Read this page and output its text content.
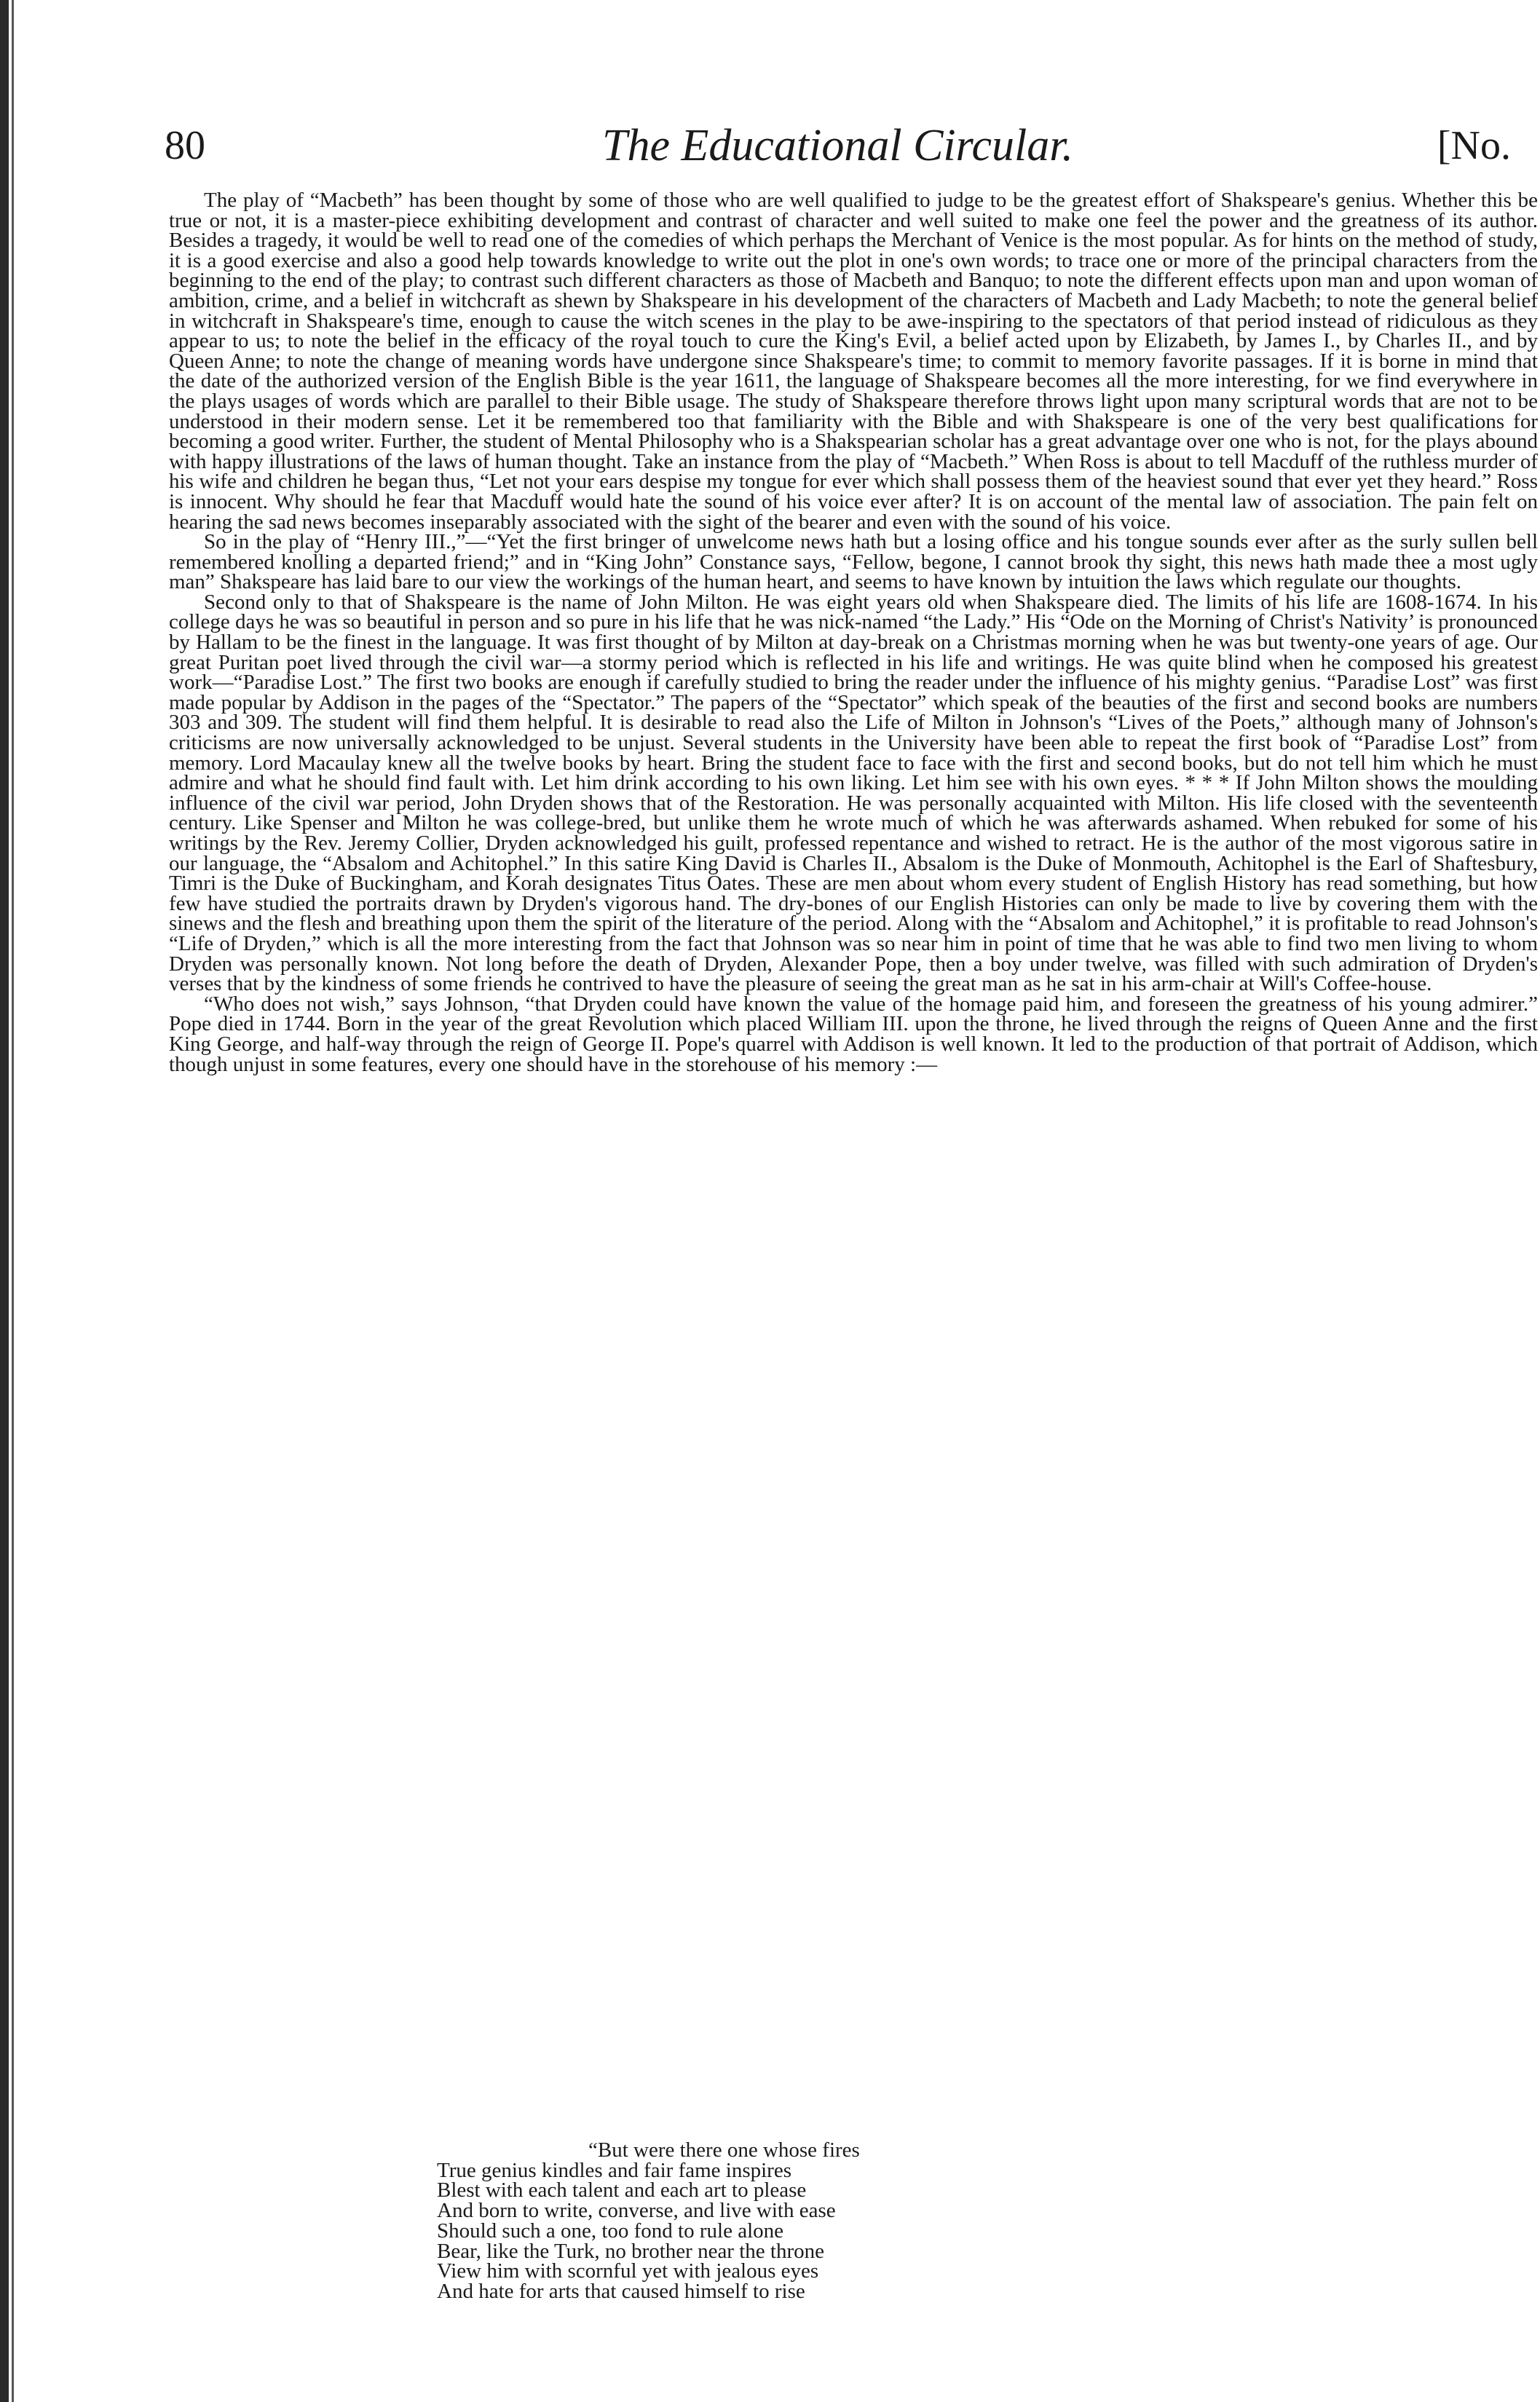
80	The Educational Circular.	[No.

The play of “Macbeth” has been thought by some of those who are well qualified to judge to be the greatest effort of Shakspeare's genius. Whether this be true or not, it is a master-piece exhibiting development and contrast of character and well suited to make one feel the power and the greatness of its author. Besides a tragedy, it would be well to read one of the comedies of which perhaps the Merchant of Venice is the most popular. As for hints on the method of study, it is a good exercise and also a good help towards knowledge to write out the plot in one's own words; to trace one or more of the principal characters from the beginning to the end of the play; to contrast such different characters as those of Macbeth and Banquo; to note the different effects upon man and upon woman of ambition, crime, and a belief in witchcraft as shewn by Shakspeare in his development of the characters of Macbeth and Lady Macbeth; to note the general belief in witchcraft in Shakspeare's time, enough to cause the witch scenes in the play to be awe-inspiring to the spectators of that period instead of ridiculous as they appear to us; to note the belief in the efficacy of the royal touch to cure the King's Evil, a belief acted upon by Elizabeth, by James I., by Charles II., and by Queen Anne; to note the change of meaning words have undergone since Shakspeare's time; to commit to memory favorite passages. If it is borne in mind that the date of the authorized version of the English Bible is the year 1611, the language of Shakspeare becomes all the more interesting, for we find everywhere in the plays usages of words which are parallel to their Bible usage. The study of Shakspeare therefore throws light upon many scriptural words that are not to be understood in their modern sense. Let it be remembered too that familiarity with the Bible and with Shakspeare is one of the very best qualifications for becoming a good writer. Further, the student of Mental Philosophy who is a Shakspearian scholar has a great advantage over one who is not, for the plays abound with happy illustrations of the laws of human thought. Take an instance from the play of “Macbeth.” When Ross is about to tell Macduff of the ruthless murder of his wife and children he began thus, “Let not your ears despise my tongue for ever which shall possess them of the heaviest sound that ever yet they heard.” Ross is innocent. Why should he fear that Macduff would hate the sound of his voice ever after? It is on account of the mental law of association. The pain felt on hearing the sad news becomes inseparably associated with the sight of the bearer and even with the sound of his voice.

So in the play of “Henry III.,”—“Yet the first bringer of unwelcome news hath but a losing office and his tongue sounds ever after as the surly sullen bell remembered knolling a departed friend;” and in “King John” Constance says, “Fellow, begone, I cannot brook thy sight, this news hath made thee a most ugly man” Shakspeare has laid bare to our view the workings of the human heart, and seems to have known by intuition the laws which regulate our thoughts.

Second only to that of Shakspeare is the name of John Milton. He was eight years old when Shakspeare died. The limits of his life are 1608-1674. In his college days he was so beautiful in person and so pure in his life that he was nick-named “the Lady.” His “Ode on the Morning of Christ's Nativity’ is pronounced by Hallam to be the finest in the language. It was first thought of by Milton at day-break on a Christmas morning when he was but twenty-one years of age. Our great Puritan poet lived through the civil war—a stormy period which is reflected in his life and writings. He was quite blind when he composed his greatest work—“Paradise Lost.” The first two books are enough if carefully studied to bring the reader under the influence of his mighty genius. “Paradise Lost” was first made popular by Addison in the pages of the “Spectator.” The papers of the “Spectator” which speak of the beauties of the first and second books are numbers 303 and 309. The student will find them helpful. It is desirable to read also the Life of Milton in Johnson's “Lives of the Poets,” although many of Johnson's criticisms are now universally acknowledged to be unjust. Several students in the University have been able to repeat the first book of “Paradise Lost” from memory. Lord Macaulay knew all the twelve books by heart. Bring the student face to face with the first and second books, but do not tell him which he must admire and what he should find fault with. Let him drink according to his own liking. Let him see with his own eyes. * * * If John Milton shows the moulding influence of the civil war period, John Dryden shows that of the Restoration. He was personally acquainted with Milton. His life closed with the seventeenth century. Like Spenser and Milton he was college-bred, but unlike them he wrote much of which he was afterwards ashamed. When rebuked for some of his writings by the Rev. Jeremy Collier, Dryden acknowledged his guilt, professed repentance and wished to retract. He is the author of the most vigorous satire in our language, the “Absalom and Achitophel.” In this satire King David is Charles II., Absalom is the Duke of Monmouth, Achitophel is the Earl of Shaftesbury, Timri is the Duke of Buckingham, and Korah designates Titus Oates. These are men about whom every student of English History has read something, but how few have studied the portraits drawn by Dryden's vigorous hand. The dry-bones of our English Histories can only be made to live by covering them with the sinews and the flesh and breathing upon them the spirit of the literature of the period. Along with the “Absalom and Achitophel,” it is profitable to read Johnson's “Life of Dryden,” which is all the more interesting from the fact that Johnson was so near him in point of time that he was able to find two men living to whom Dryden was personally known. Not long before the death of Dryden, Alexander Pope, then a boy under twelve, was filled with such admiration of Dryden's verses that by the kindness of some friends he contrived to have the pleasure of seeing the great man as he sat in his arm-chair at Will's Coffee-house.

“Who does not wish,” says Johnson, “that Dryden could have known the value of the homage paid him, and foreseen the greatness of his young admirer.” Pope died in 1744. Born in the year of the great Revolution which placed William III. upon the throne, he lived through the reigns of Queen Anne and the first King George, and half-way through the reign of George II. Pope's quarrel with Addison is well known. It led to the production of that portrait of Addison, which though unjust in some features, every one should have in the storehouse of his memory :—

“But were there one whose fires
True genius kindles and fair fame inspires
Blest with each talent and each art to please
And born to write, converse, and live with ease
Should such a one, too fond to rule alone
Bear, like the Turk, no brother near the throne
View him with scornful yet with jealous eyes
And hate for arts that caused himself to rise
